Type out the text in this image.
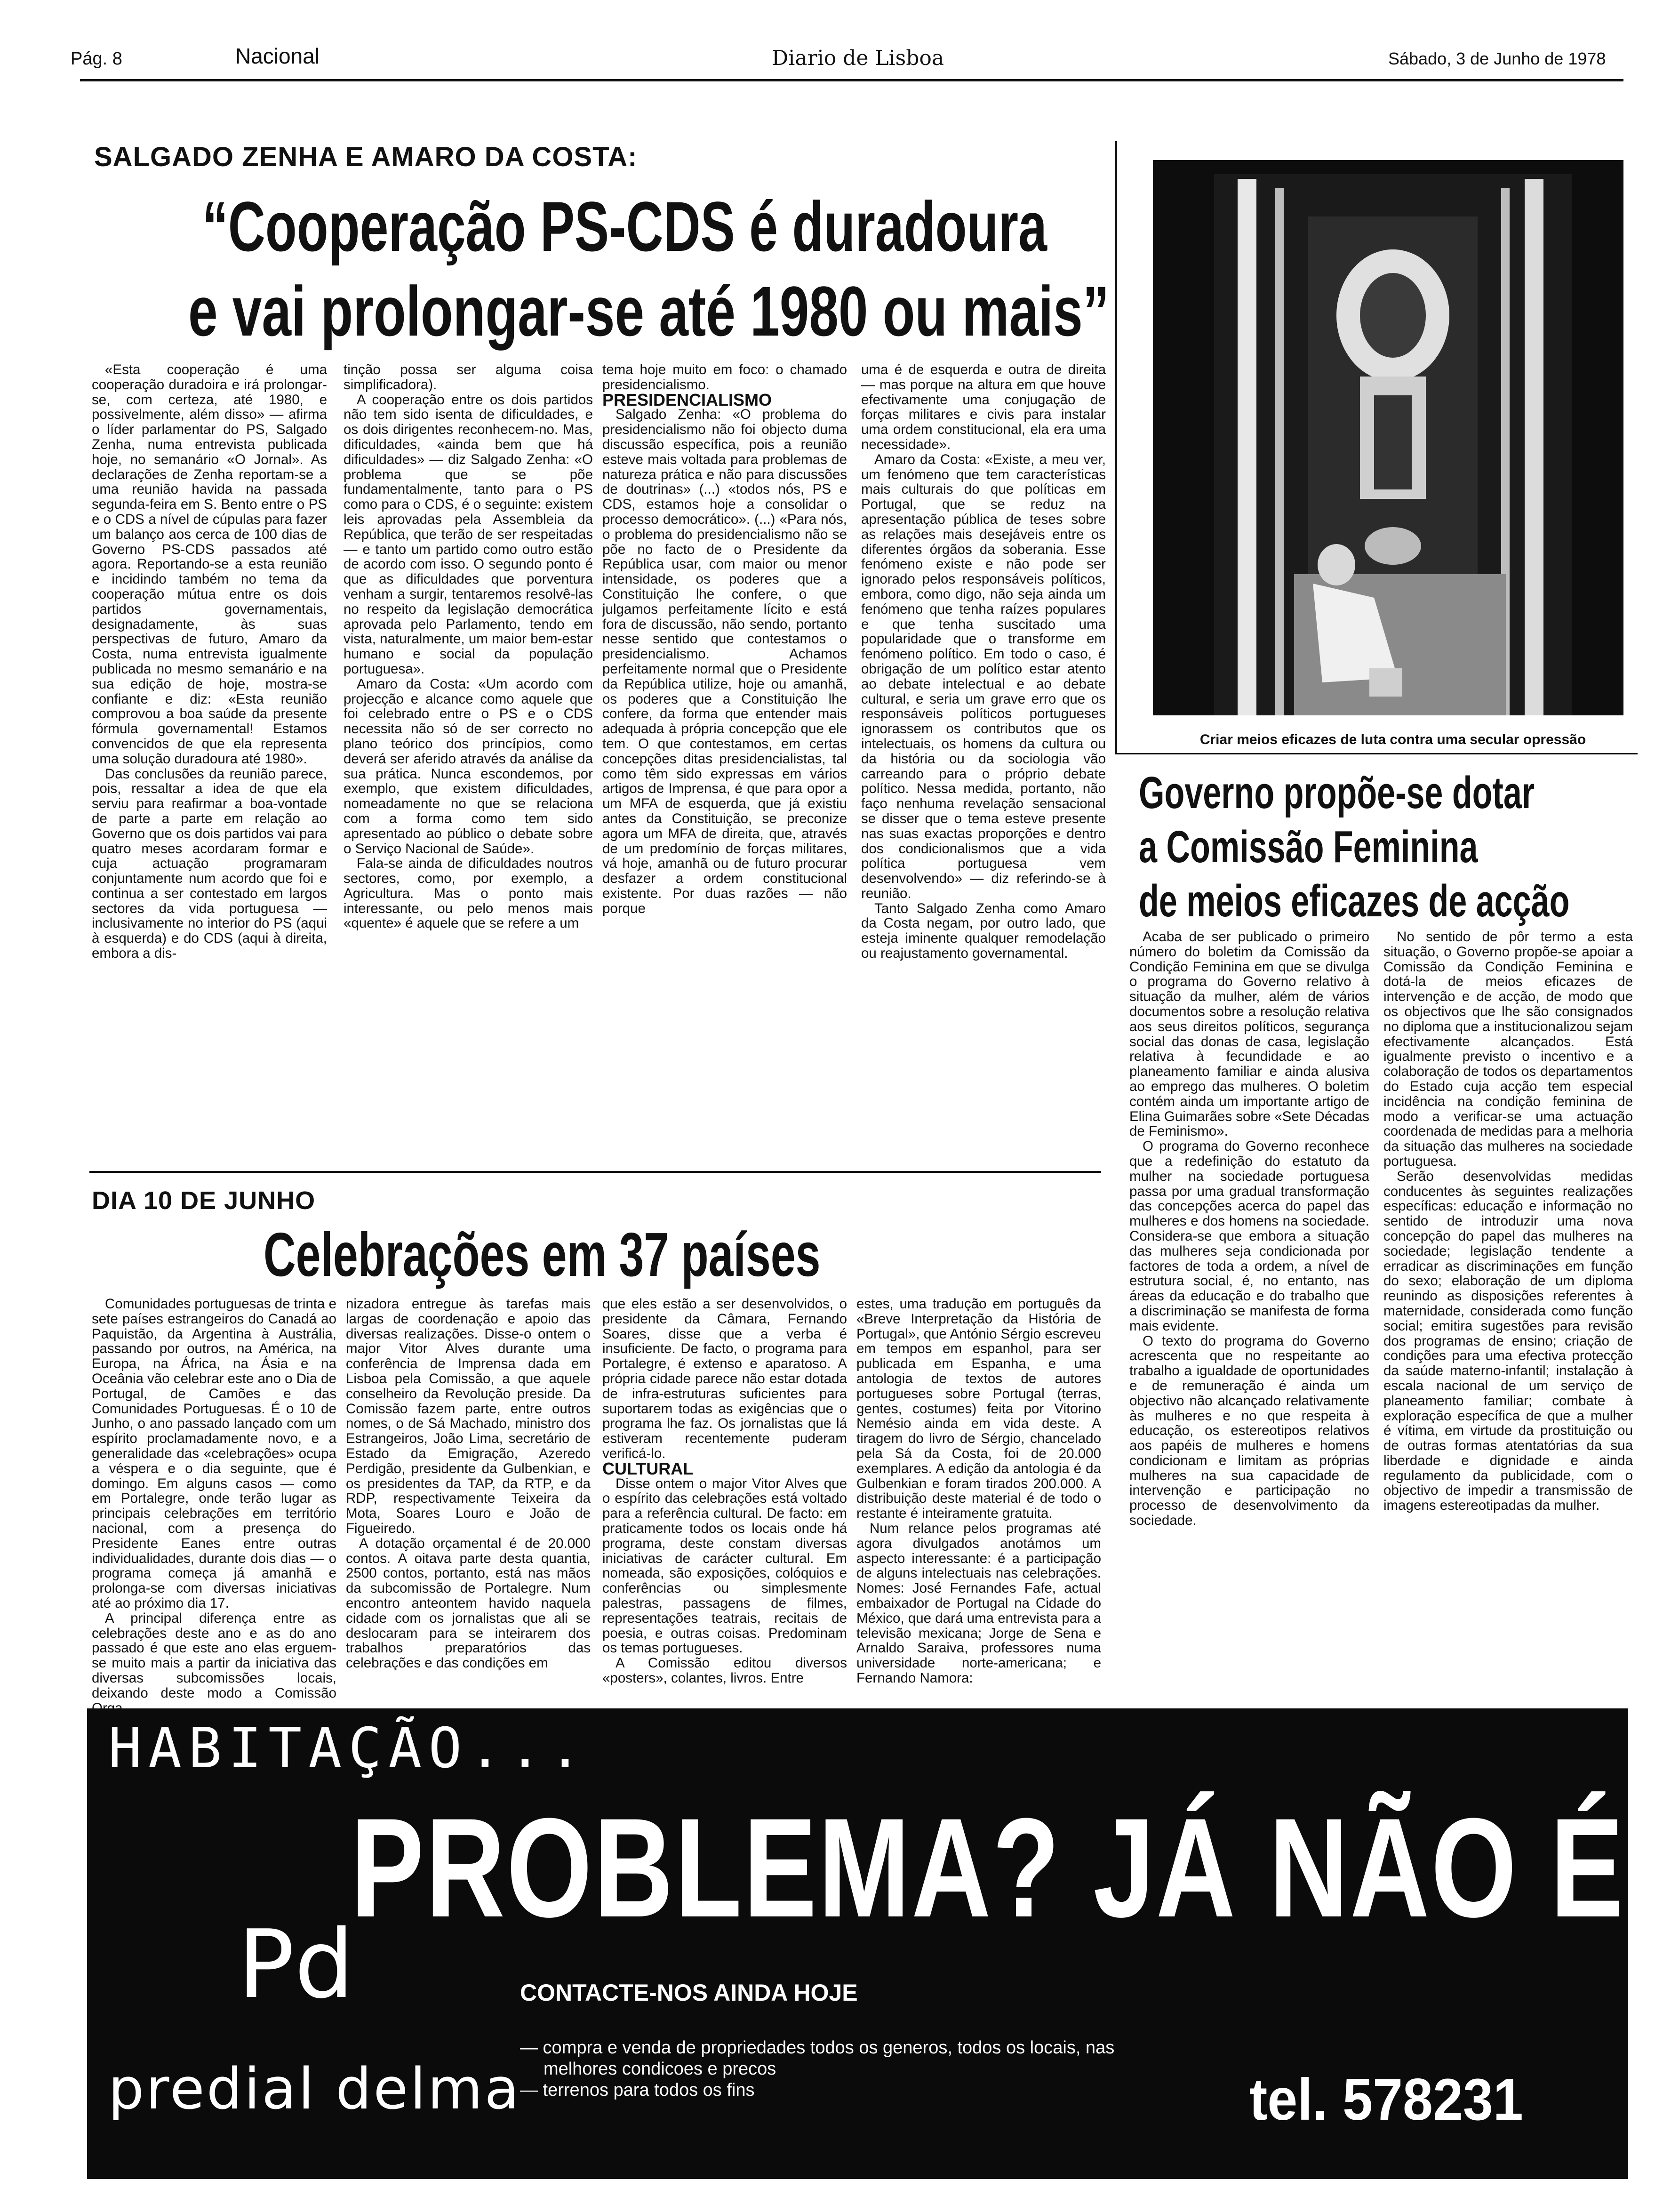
Pág. 8	Nacional	Diario de Lisboa	Sábado, 3 de Junho de 1978
SALGADO ZENHA E AMARO DA COSTA:
“Cooperação PS-CDS é duradoura
e vai prolongar-se até 1980 ou mais”

«Esta cooperação é uma cooperação duradoira e irá prolongar-se, com certeza, até 1980, e possivelmente, além disso» — afirma o líder parlamentar do PS, Salgado Zenha, numa entrevista publicada hoje, no semanário «O Jornal». As declarações de Zenha reportam-se a uma reunião havida na passada segunda-feira em S. Bento entre o PS e o CDS a nível de cúpulas para fazer um balanço aos cerca de 100 dias de Governo PS-CDS passados até agora. Reportando-se a esta reunião e incidindo também no tema da cooperação mútua entre os dois partidos governamentais, designadamente, às suas perspectivas de futuro, Amaro da Costa, numa entrevista igualmente publicada no mesmo semanário e na sua edição de hoje, mostra-se confiante e diz: «Esta reunião comprovou a boa saúde da presente fórmula governamental! Estamos convencidos de que ela representa uma solução duradoura até 1980».

Das conclusões da reunião parece, pois, ressaltar a idea de que ela serviu para reafirmar a boa-vontade de parte a parte em relação ao Governo que os dois partidos vai para quatro meses acordaram formar e cuja actuação programaram conjuntamente num acordo que foi e continua a ser contestado em largos sectores da vida portuguesa — inclusivamente no interior do PS (aqui à esquerda) e do CDS (aqui à direita, embora a dis-

tinção possa ser alguma coisa simplificadora).

A cooperação entre os dois partidos não tem sido isenta de dificuldades, e os dois dirigentes reconhecem-no. Mas, dificuldades, «ainda bem que há dificuldades» — diz Salgado Zenha: «O problema que se põe fundamentalmente, tanto para o PS como para o CDS, é o seguinte: existem leis aprovadas pela Assembleia da República, que terão de ser respeitadas — e tanto um partido como outro estão de acordo com isso. O segundo ponto é que as dificuldades que porventura venham a surgir, tentaremos resolvê-las no respeito da legislação democrática aprovada pelo Parlamento, tendo em vista, naturalmente, um maior bem-estar humano e social da população portuguesa».

Amaro da Costa: «Um acordo com projecção e alcance como aquele que foi celebrado entre o PS e o CDS necessita não só de ser correcto no plano teórico dos princípios, como deverá ser aferido através da análise da sua prática. Nunca escondemos, por exemplo, que existem dificuldades, nomeadamente no que se relaciona com a forma como tem sido apresentado ao público o debate sobre o Serviço Nacional de Saúde».

Fala-se ainda de dificuldades noutros sectores, como, por exemplo, a Agricultura. Mas o ponto mais interessante, ou pelo menos mais «quente» é aquele que se refere a um

tema hoje muito em foco: o chamado presidencialismo.

PRESIDENCIALISMO

Salgado Zenha: «O problema do presidencialismo não foi objecto duma discussão específica, pois a reunião esteve mais voltada para problemas de natureza prática e não para discussões de doutrinas» (...) «todos nós, PS e CDS, estamos hoje a consolidar o processo democrático». (...) «Para nós, o problema do presidencialismo não se põe no facto de o Presidente da República usar, com maior ou menor intensidade, os poderes que a Constituição lhe confere, o que julgamos perfeitamente lícito e está fora de discussão, não sendo, portanto nesse sentido que contestamos o presidencialismo. Achamos perfeitamente normal que o Presidente da República utilize, hoje ou amanhã, os poderes que a Constituição lhe confere, da forma que entender mais adequada à própria concepção que ele tem. O que contestamos, em certas concepções ditas presidencialistas, tal como têm sido expressas em vários artigos de Imprensa, é que para opor a um MFA de esquerda, que já existiu antes da Constituição, se preconize agora um MFA de direita, que, através de um predomínio de forças militares, vá hoje, amanhã ou de futuro procurar desfazer a ordem constitucional existente. Por duas razões — não porque

uma é de esquerda e outra de direita — mas porque na altura em que houve efectivamente uma conjugação de forças militares e civis para instalar uma ordem constitucional, ela era uma necessidade».

Amaro da Costa: «Existe, a meu ver, um fenómeno que tem características mais culturais do que políticas em Portugal, que se reduz na apresentação pública de teses sobre as relações mais desejáveis entre os diferentes órgãos da soberania. Esse fenómeno existe e não pode ser ignorado pelos responsáveis políticos, embora, como digo, não seja ainda um fenómeno que tenha raízes populares e que tenha suscitado uma popularidade que o transforme em fenómeno político. Em todo o caso, é obrigação de um político estar atento ao debate intelectual e ao debate cultural, e seria um grave erro que os responsáveis políticos portugueses ignorassem os contributos que os intelectuais, os homens da cultura ou da história ou da sociologia vão carreando para o próprio debate político. Nessa medida, portanto, não faço nenhuma revelação sensacional se disser que o tema esteve presente nas suas exactas proporções e dentro dos condicionalismos que a vida política portuguesa vem desenvolvendo» — diz referindo-se à reunião.

Tanto Salgado Zenha como Amaro da Costa negam, por outro lado, que esteja iminente qualquer remodelação ou reajustamento governamental.

Criar meios eficazes de luta contra uma secular opressão
Governo propõe-se dotar
a Comissão Feminina
de meios eficazes de acção

Acaba de ser publicado o primeiro número do boletim da Comissão da Condição Feminina em que se divulga o programa do Governo relativo à situação da mulher, além de vários documentos sobre a resolução relativa aos seus direitos políticos, segurança social das donas de casa, legislação relativa à fecundidade e ao planeamento familiar e ainda alusiva ao emprego das mulheres. O boletim contém ainda um importante artigo de Elina Guimarães sobre «Sete Décadas de Feminismo».

O programa do Governo reconhece que a redefinição do estatuto da mulher na sociedade portuguesa passa por uma gradual transformação das concepções acerca do papel das mulheres e dos homens na sociedade. Considera-se que embora a situação das mulheres seja condicionada por factores de toda a ordem, a nível de estrutura social, é, no entanto, nas áreas da educação e do trabalho que a discriminação se manifesta de forma mais evidente.

O texto do programa do Governo acrescenta que no respeitante ao trabalho a igualdade de oportunidades e de remuneração é ainda um objectivo não alcançado relativamente às mulheres e no que respeita à educação, os estereotipos relativos aos papéis de mulheres e homens condicionam e limitam as próprias mulheres na sua capacidade de intervenção e participação no processo de desenvolvimento da sociedade.

No sentido de pôr termo a esta situação, o Governo propõe-se apoiar a Comissão da Condição Feminina e dotá-la de meios eficazes de intervenção e de acção, de modo que os objectivos que lhe são consignados no diploma que a institucionalizou sejam efectivamente alcançados. Está igualmente previsto o incentivo e a colaboração de todos os departamentos do Estado cuja acção tem especial incidência na condição feminina de modo a verificar-se uma actuação coordenada de medidas para a melhoria da situação das mulheres na sociedade portuguesa.

Serão desenvolvidas medidas conducentes às seguintes realizações específicas: educação e informação no sentido de introduzir uma nova concepção do papel das mulheres na sociedade; legislação tendente a erradicar as discriminações em função do sexo; elaboração de um diploma reunindo as disposições referentes à maternidade, considerada como função social; emitira sugestões para revisão dos programas de ensino; criação de condições para uma efectiva protecção da saúde materno-infantil; instalação à escala nacional de um serviço de planeamento familiar; combate à exploração específica de que a mulher é vítima, em virtude da prostituição ou de outras formas atentatórias da sua liberdade e dignidade e ainda regulamento da publicidade, com o objectivo de impedir a transmissão de imagens estereotipadas da mulher.

DIA 10 DE JUNHO
Celebrações em 37 países

Comunidades portuguesas de trinta e sete países estrangeiros do Canadá ao Paquistão, da Argentina à Austrália, passando por outros, na América, na Europa, na África, na Ásia e na Oceânia vão celebrar este ano o Dia de Portugal, de Camões e das Comunidades Portuguesas. É o 10 de Junho, o ano passado lançado com um espírito proclamadamente novo, e a generalidade das «celebrações» ocupa a véspera e o dia seguinte, que é domingo. Em alguns casos — como em Portalegre, onde terão lugar as principais celebrações em território nacional, com a presença do Presidente Eanes entre outras individualidades, durante dois dias — o programa começa já amanhã e prolonga-se com diversas iniciativas até ao próximo dia 17.

A principal diferença entre as celebrações deste ano e as do ano passado é que este ano elas erguem-se muito mais a partir da iniciativa das diversas subcomissões locais, deixando deste modo a Comissão

nizadora entregue às tarefas mais largas de coordenação e apoio das diversas realizações. Disse-o ontem o major Vitor Alves durante uma conferência de Imprensa dada em Lisboa pela Comissão, a que aquele conselheiro da Revolução preside. Da Comissão fazem parte, entre outros nomes, o de Sá Machado, ministro dos Estrangeiros, João Lima, secretário de Estado da Emigração, Azeredo Perdigão, presidente da Gulbenkian, e os presidentes da TAP, da RTP, e da RDP, respectivamente Teixeira da Mota, Soares Louro e João de Figueiredo.

A dotação orçamental é de 20.000 contos. A oitava parte desta quantia, 2500 contos, portanto, está nas mãos da subcomissão de Portalegre. Num encontro anteontem havido naquela cidade com os jornalistas que ali se deslocaram para se inteirarem dos trabalhos preparatórios das celebrações e das condições em

que eles estão a ser desenvolvidos, o presidente da Câmara, Fernando Soares, disse que a verba é insuficiente. De facto, o programa para Portalegre, é extenso e aparatoso. A própria cidade parece não estar dotada de infra-estruturas suficientes para suportarem todas as exigências que o programa lhe faz. Os jornalistas que lá estiveram recentemente puderam verificá-lo.

CULTURAL

Disse ontem o major Vitor Alves que o espírito das celebrações está voltado para a referência cultural. De facto: em praticamente todos os locais onde há programa, deste constam diversas iniciativas de carácter cultural. Em nomeada, são exposições, colóquios e conferências ou simplesmente palestras, passagens de filmes, representações teatrais, recitais de poesia, e outras coisas. Predominam os temas portugueses.

A Comissão editou diversos «posters», colantes, livros. Entre

estes, uma tradução em português da «Breve Interpretação da História de Portugal», que António Sérgio escreveu em tempos em espanhol, para ser publicada em Espanha, e uma antologia de textos de autores portugueses sobre Portugal (terras, gentes, costumes) feita por Vitorino Nemésio ainda em vida deste. A tiragem do livro de Sérgio, chancelado pela Sá da Costa, foi de 20.000 exemplares. A edição da antologia é da Gulbenkian e foram tirados 200.000. A distribuição deste material é de todo o restante é inteiramente gratuita.

Num relance pelos programas até agora divulgados anotámos um aspecto interessante: é a participação de alguns intelectuais nas celebrações. Nomes: José Fernandes Fafe, actual embaixador de Portugal na Cidade do México, que dará uma entrevista para a televisão mexicana; Jorge de Sena e Arnaldo Saraiva, professores numa universidade norte-americana; e Fernando Namora:

HABITAÇÃO...
PROBLEMA? JÁ NÃO É!
Pd
predial delma
CONTACTE-NOS AINDA HOJE
— compra e venda de propriedades todos os generos, todos os locais, nas
melhores condicoes e precos
— terrenos para todos os fins	tel. 578231
